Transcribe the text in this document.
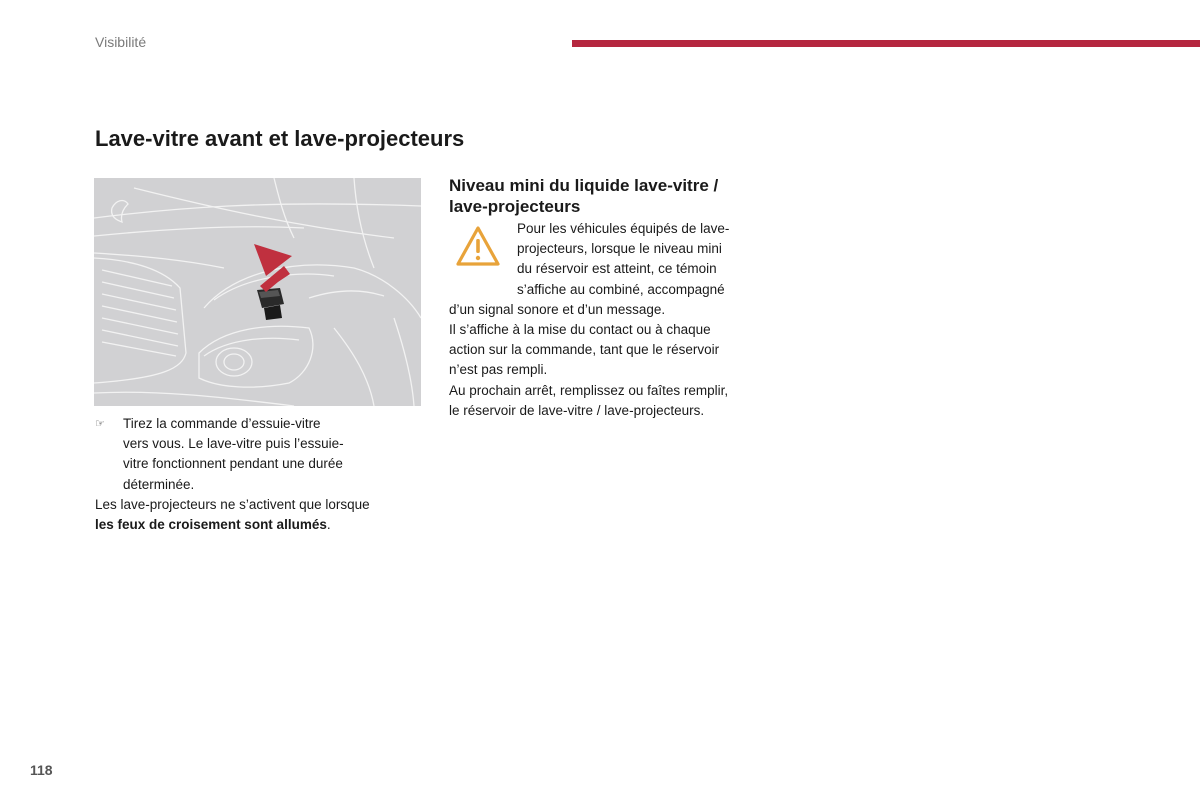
Visibilité
Lave-vitre avant et lave-projecteurs
☞ Tirez la commande d’essuie-vitre
vers vous. Le lave-vitre puis l’essuie-
vitre fonctionnent pendant une durée
déterminée.
Les lave-projecteurs ne s’activent que lorsque
les feux de croisement sont allumés.
Niveau mini du liquide lave-vitre /
lave-projecteurs
Pour les véhicules équipés de lave-
projecteurs, lorsque le niveau mini
du réservoir est atteint, ce témoin
s’affiche au combiné, accompagné
d’un signal sonore et d’un message.
Il s’affiche à la mise du contact ou à chaque
action sur la commande, tant que le réservoir
n’est pas rempli.
Au prochain arrêt, remplissez ou faîtes remplir,
le réservoir de lave-vitre / lave-projecteurs.
118
